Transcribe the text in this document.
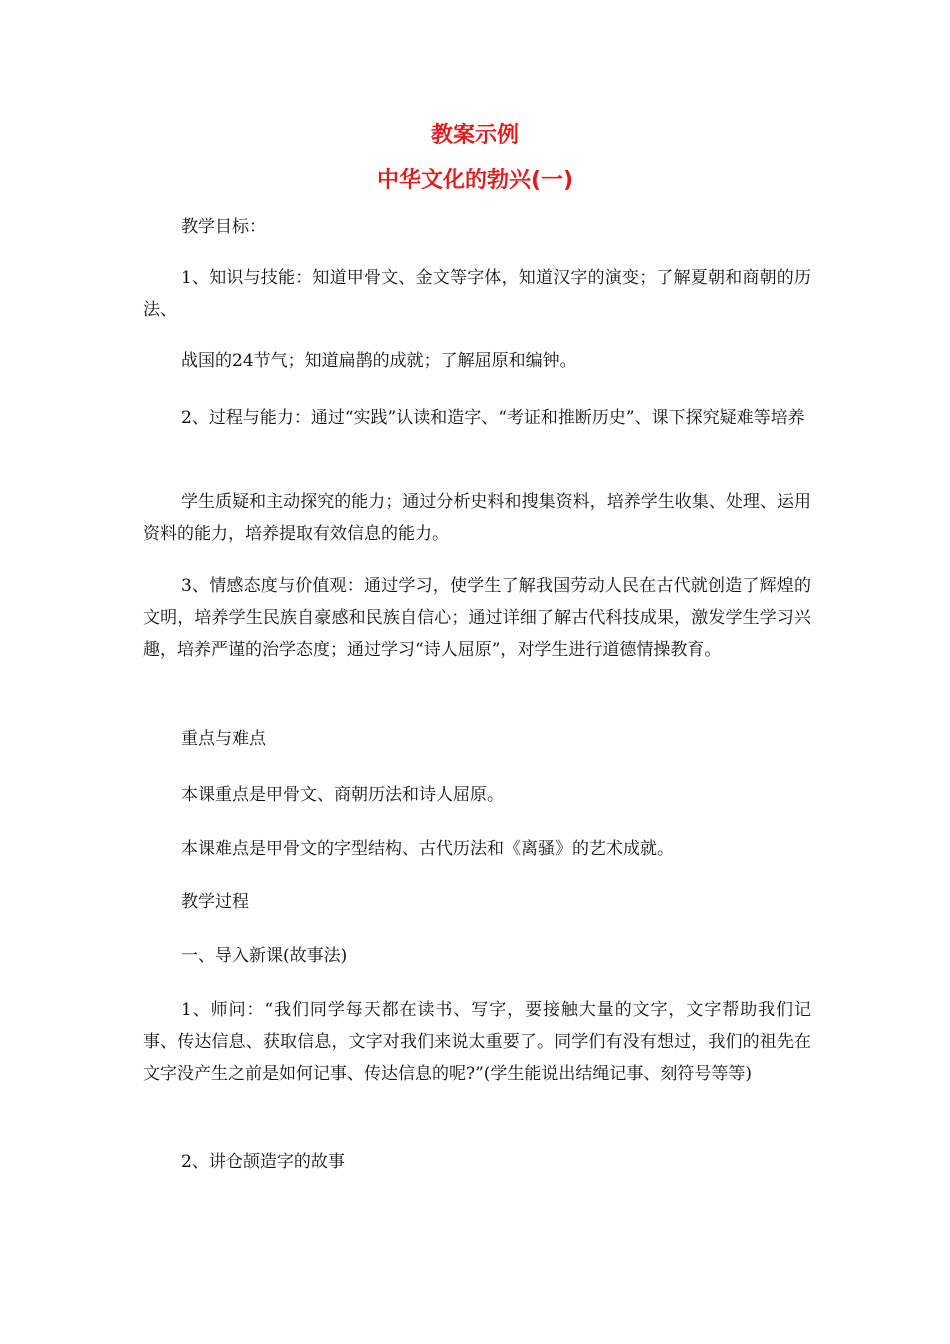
教案示例
中华文化的勃兴(一)

教学目标：

1、知识与技能：知道甲骨文、金文等字体，知道汉字的演变；了解夏朝和商朝的历法、

战国的24节气；知道扁鹊的成就；了解屈原和编钟。

2、过程与能力：通过“实践”认读和造字、“考证和推断历史”、课下探究疑难等培养

学生质疑和主动探究的能力；通过分析史料和搜集资料，培养学生收集、处理、运用资料的能力，培养提取有效信息的能力。

3、情感态度与价值观：通过学习，使学生了解我国劳动人民在古代就创造了辉煌的文明，培养学生民族自豪感和民族自信心；通过详细了解古代科技成果，激发学生学习兴趣，培养严谨的治学态度；通过学习“诗人屈原”，对学生进行道德情操教育。

重点与难点

本课重点是甲骨文、商朝历法和诗人屈原。

本课难点是甲骨文的字型结构、古代历法和《离骚》的艺术成就。

教学过程

一、导入新课(故事法)

1、师问：“我们同学每天都在读书、写字，要接触大量的文字，文字帮助我们记事、传达信息、获取信息，文字对我们来说太重要了。同学们有没有想过，我们的祖先在文字没产生之前是如何记事、传达信息的呢?”(学生能说出结绳记事、刻符号等等)

2、讲仓颉造字的故事
